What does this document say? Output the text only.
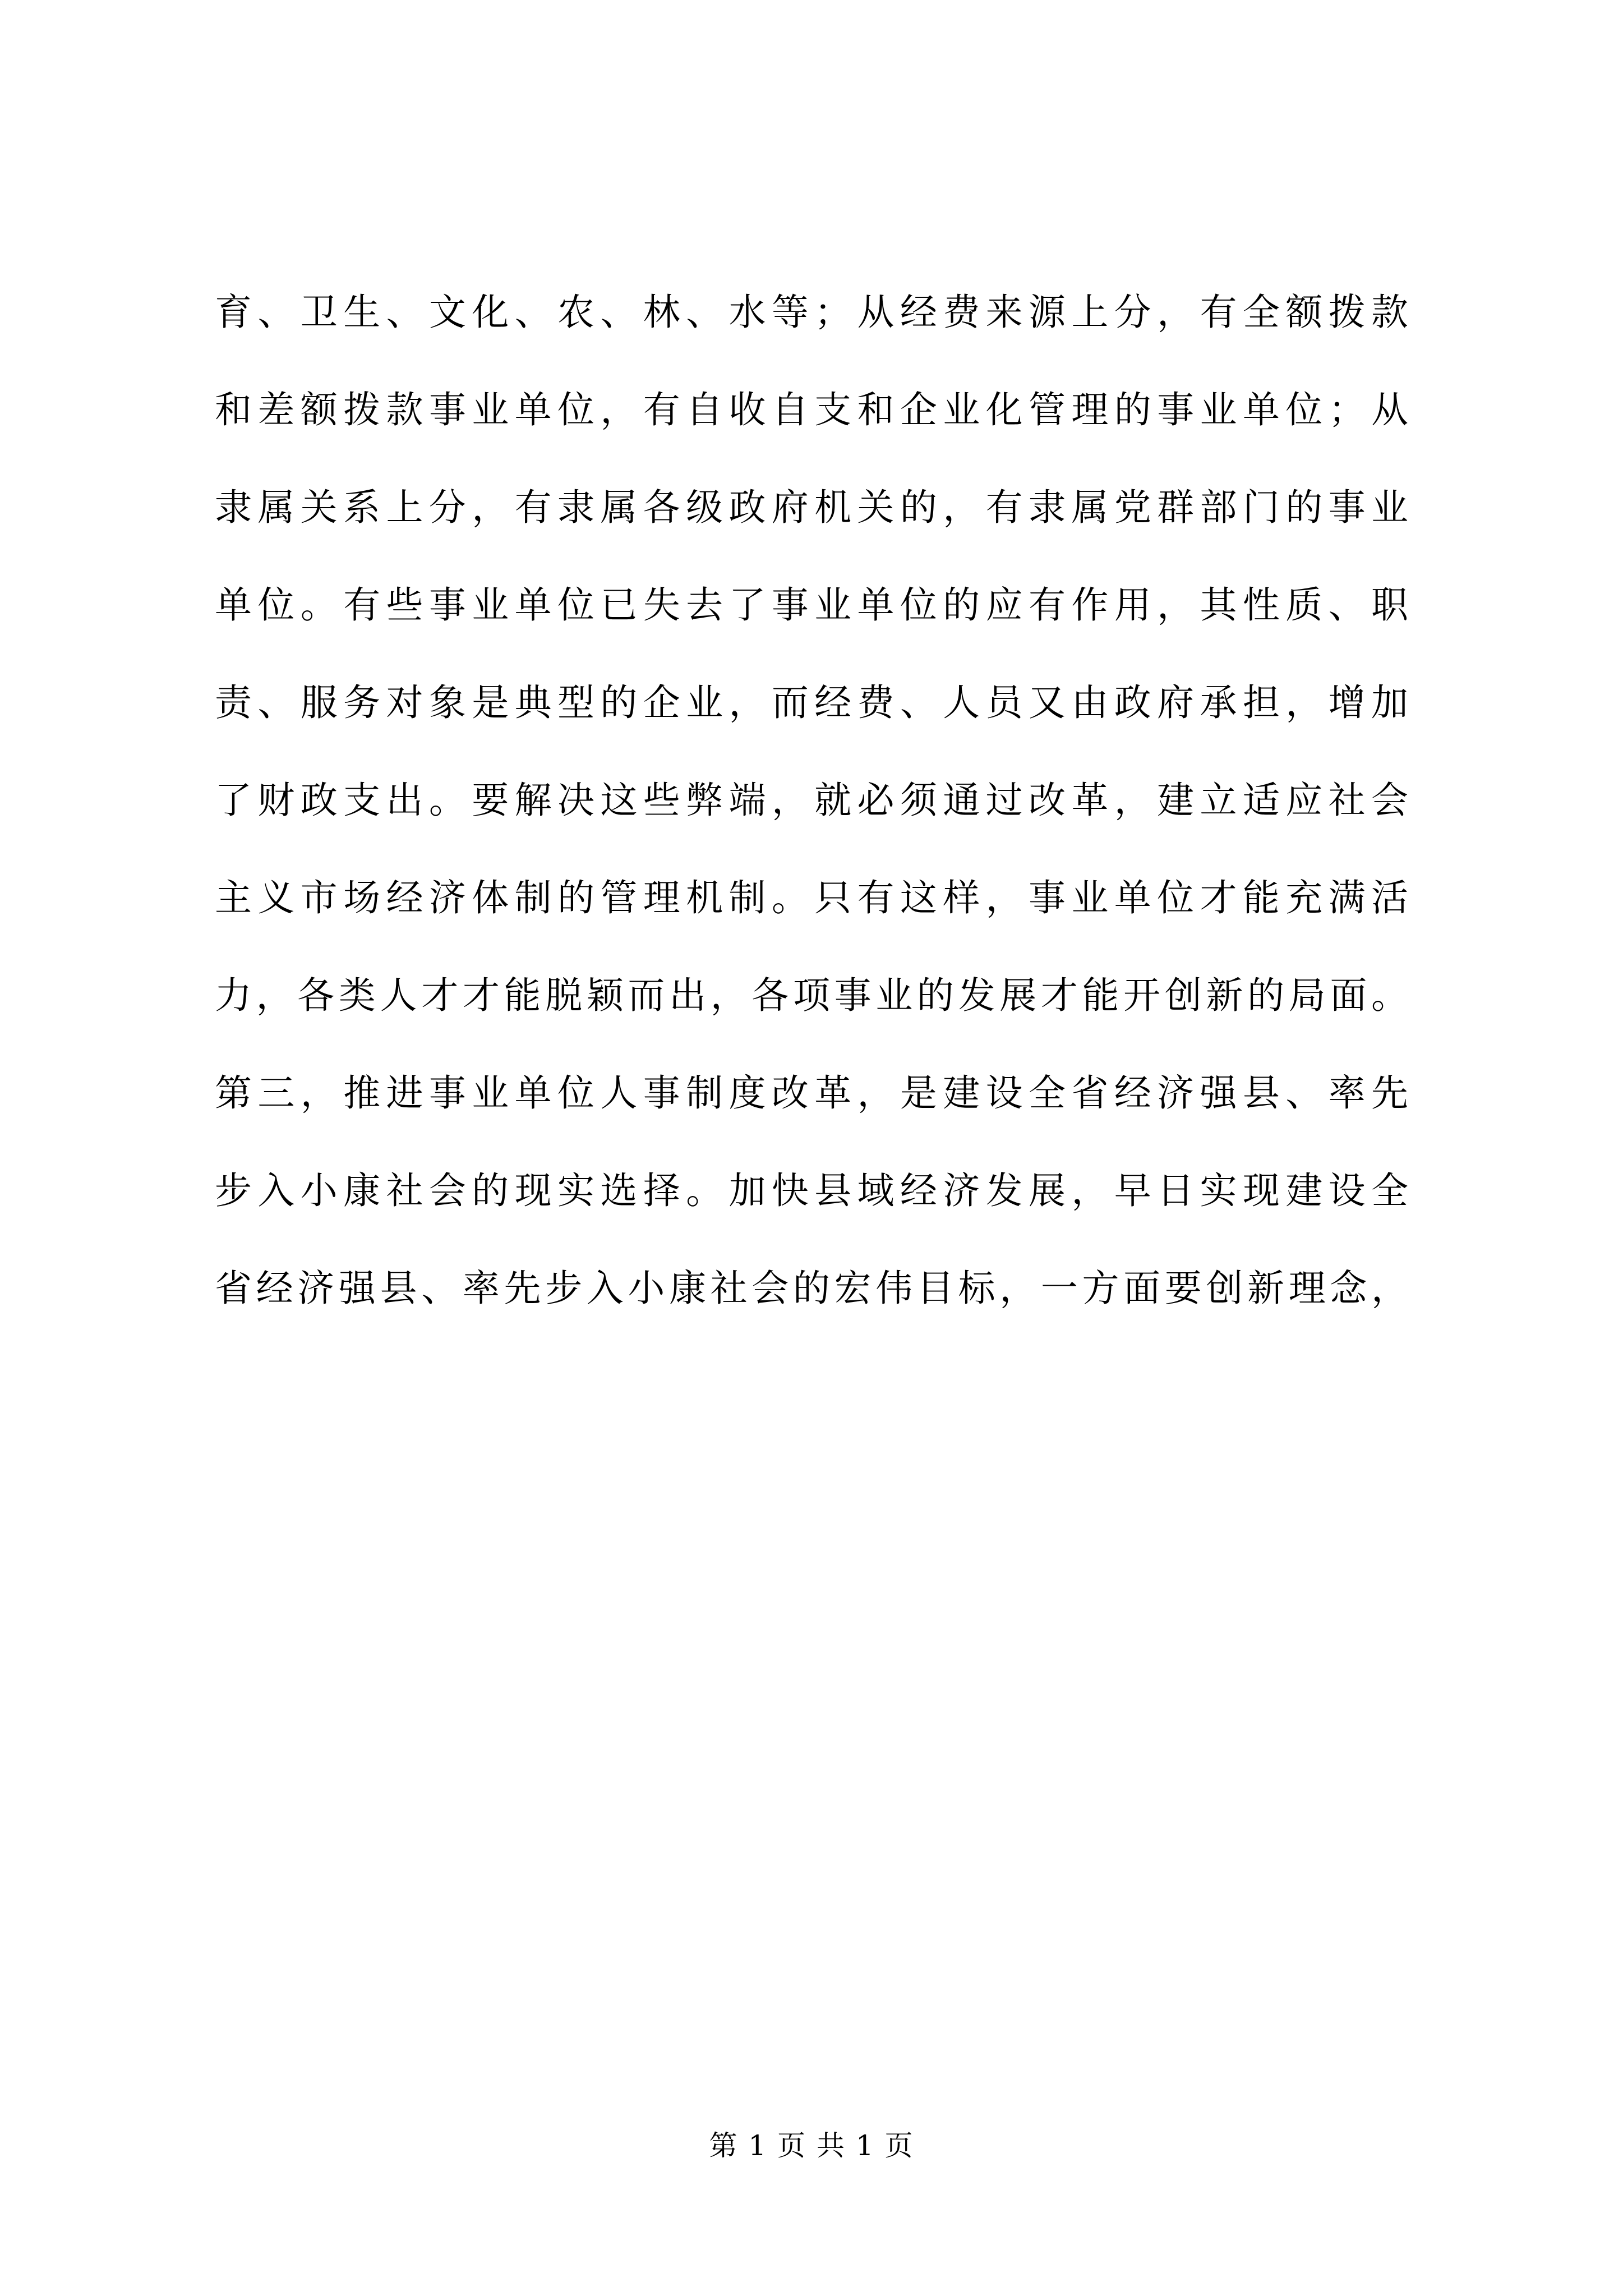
育、卫生、文化、农、林、水等；从经费来源上分，有全额拨款
和差额拨款事业单位，有自收自支和企业化管理的事业单位；从
隶属关系上分，有隶属各级政府机关的，有隶属党群部门的事业
单位。有些事业单位已失去了事业单位的应有作用，其性质、职
责、服务对象是典型的企业，而经费、人员又由政府承担，增加
了财政支出。要解决这些弊端，就必须通过改革，建立适应社会
主义市场经济体制的管理机制。只有这样，事业单位才能充满活
力，各类人才才能脱颖而出，各项事业的发展才能开创新的局面。
第三，推进事业单位人事制度改革，是建设全省经济强县、率先
步入小康社会的现实选择。加快县域经济发展，早日实现建设全
省经济强县、率先步入小康社会的宏伟目标，一方面要创新理念，
第 1 页 共 1 页
